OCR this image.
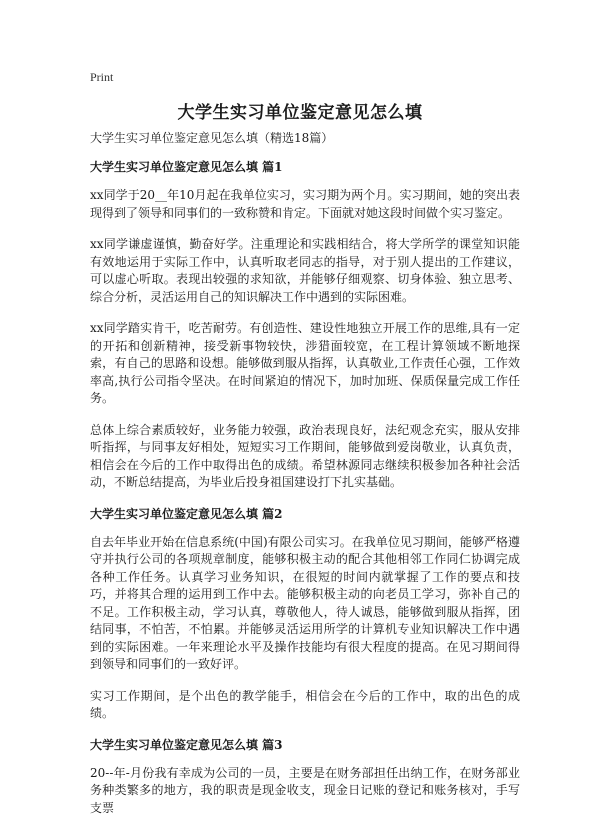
Print
大学生实习单位鉴定意见怎么填

大学生实习单位鉴定意见怎么填（精选18篇）

大学生实习单位鉴定意见怎么填 篇1

xx同学于20__年10月起在我单位实习，实习期为两个月。实习期间，她的突出表现得到了领导和同事们的一致称赞和肯定。下面就对她这段时间做个实习鉴定。

xx同学谦虚谨慎，勤奋好学。注重理论和实践相结合，将大学所学的课堂知识能有效地运用于实际工作中，认真听取老同志的指导，对于别人提出的工作建议，可以虚心听取。表现出较强的求知欲，并能够仔细观察、切身体验、独立思考、综合分析，灵活运用自己的知识解决工作中遇到的实际困难。

xx同学踏实肯干，吃苦耐劳。有创造性、建设性地独立开展工作的思维,具有一定的开拓和创新精神，接受新事物较快，涉猎面较宽，在工程计算领域不断地探索，有自己的思路和设想。能够做到服从指挥，认真敬业,工作责任心强，工作效率高,执行公司指令坚决。在时间紧迫的情况下，加时加班、保质保量完成工作任务。

总体上综合素质较好，业务能力较强，政治表现良好，法纪观念充实，服从安排听指挥，与同事友好相处，短短实习工作期间，能够做到爱岗敬业，认真负责，相信会在今后的工作中取得出色的成绩。希望林源同志继续积极参加各种社会活动，不断总结提高，为毕业后投身祖国建设打下扎实基础。

大学生实习单位鉴定意见怎么填 篇2

自去年毕业开始在信息系统(中国)有限公司实习。在我单位见习期间，能够严格遵守并执行公司的各项规章制度，能够积极主动的配合其他相邻工作同仁协调完成各种工作任务。认真学习业务知识，在很短的时间内就掌握了工作的要点和技巧，并将其合理的运用到工作中去。能够积极主动的向老员工学习，弥补自己的不足。工作积极主动，学习认真，尊敬他人，待人诚恳，能够做到服从指挥，团结同事，不怕苦，不怕累。并能够灵活运用所学的计算机专业知识解决工作中遇到的实际困难。一年来理论水平及操作技能均有很大程度的提高。在见习期间得到领导和同事们的一致好评。

实习工作期间，是个出色的教学能手，相信会在今后的工作中，取的出色的成绩。

大学生实习单位鉴定意见怎么填 篇3

20--年-月份我有幸成为公司的一员，主要是在财务部担任出纳工作，在财务部业务种类繁多的地方，我的职责是现金收支，现金日记账的登记和账务核对，手写支票
